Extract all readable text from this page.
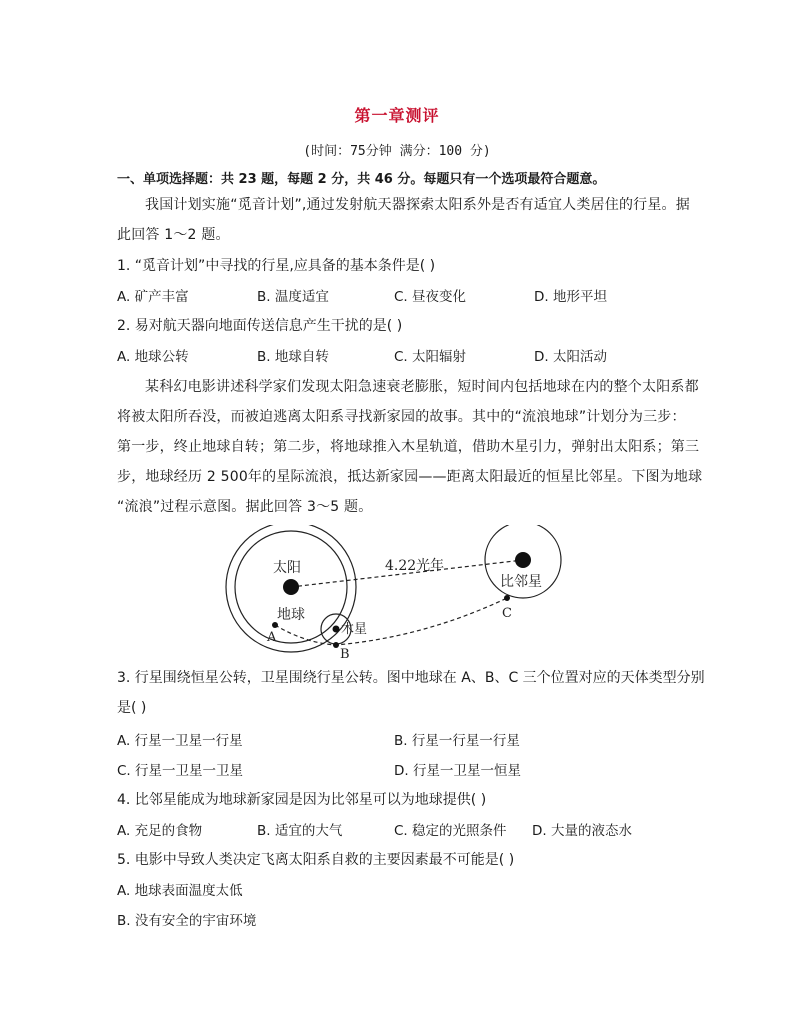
第一章测评
(时间：75分钟 满分：100 分)
一、单项选择题：共 23 题，每题 2 分，共 46 分。每题只有一个选项最符合题意。
我国计划实施“觅音计划”,通过发射航天器探索太阳系外是否有适宜人类居住的行星。据
此回答 1～2 题。
1. “觅音计划”中寻找的行星,应具备的基本条件是( )
A. 矿产丰富	B. 温度适宜	C. 昼夜变化	D. 地形平坦
2. 易对航天器向地面传送信息产生干扰的是( )
A. 地球公转	B. 地球自转	C. 太阳辐射	D. 太阳活动
某科幻电影讲述科学家们发现太阳急速衰老膨胀，短时间内包括地球在内的整个太阳系都
将被太阳所吞没，而被迫逃离太阳系寻找新家园的故事。其中的“流浪地球”计划分为三步：
第一步，终止地球自转；第二步，将地球推入木星轨道，借助木星引力，弹射出太阳系；第三
步，地球经历 2 500年的星际流浪，抵达新家园——距离太阳最近的恒星比邻星。下图为地球
“流浪”过程示意图。据此回答 3～5 题。
太阳
地球
木星
比邻星
4.22光年
A
B
C
3. 行星围绕恒星公转，卫星围绕行星公转。图中地球在 A、B、C 三个位置对应的天体类型分别
是( )
A. 行星一卫星一行星	B. 行星一行星一行星
C. 行星一卫星一卫星	D. 行星一卫星一恒星
4. 比邻星能成为地球新家园是因为比邻星可以为地球提供( )
A. 充足的食物	B. 适宜的大气	C. 稳定的光照条件 D. 大量的液态水
5. 电影中导致人类决定飞离太阳系自救的主要因素最不可能是( )
A. 地球表面温度太低
B. 没有安全的宇宙环境
